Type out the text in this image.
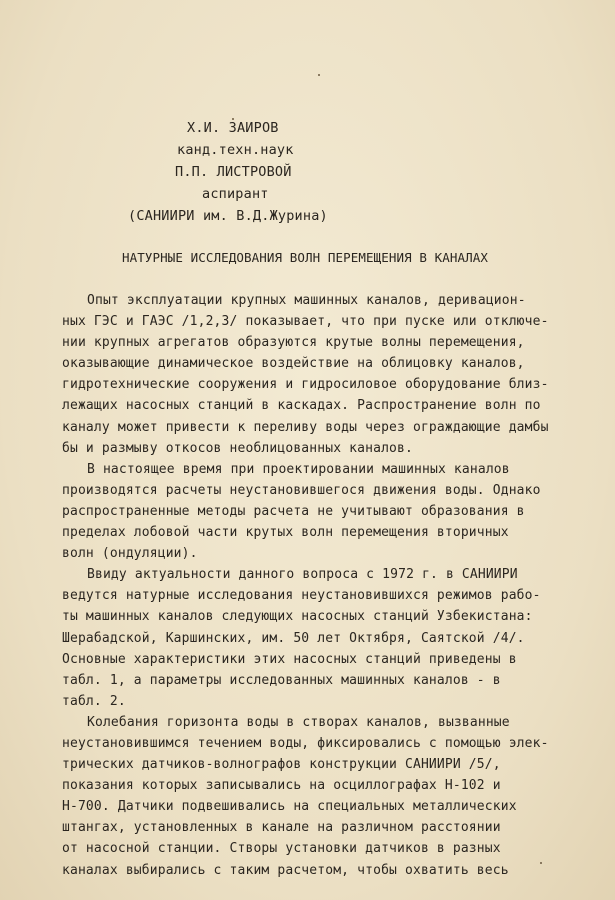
Х.И. ЗАИРОВ
канд.техн.наук
П.П. ЛИСТРОВОЙ
аспирант
(САНИИРИ им. В.Д.Журина)
НАТУРНЫЕ ИССЛЕДОВАНИЯ ВОЛН ПЕРЕМЕЩЕНИЯ В КАНАЛАХ
Опыт эксплуатации крупных машинных каналов, деривацион-
ных ГЭС и ГАЭС /1,2,3/ показывает, что при пуске или отключе-
нии крупных агрегатов образуются крутые волны перемещения,
оказывающие динамическое воздействие на облицовку каналов,
гидротехнические сооружения и гидросиловое оборудование близ-
лежащих насосных станций в каскадах. Распространение волн по
каналу может привести к переливу воды через ограждающие дамбы
бы и размыву откосов необлицованных каналов.
В настоящее время при проектировании машинных каналов
производятся расчеты неустановившегося движения воды. Однако
распространенные методы расчета не учитывают образования в
пределах лобовой части крутых волн перемещения вторичных
волн (ондуляции).
Ввиду актуальности данного вопроса с 1972 г. в САНИИРИ
ведутся натурные исследования неустановившихся режимов рабо-
ты машинных каналов следующих насосных станций Узбекистана:
Шерабадской, Каршинских, им. 50 лет Октября, Саятской /4/.
Основные характеристики этих насосных станций приведены в
табл. 1, а параметры исследованных машинных каналов - в
табл. 2.
Колебания горизонта воды в створах каналов, вызванные
неустановившимся течением воды, фиксировались с помощью элек-
трических датчиков-волнографов конструкции САНИИРИ /5/,
показания которых записывались на осциллографах Н-102 и
Н-700. Датчики подвешивались на специальных металлических
штангах, установленных в канале на различном расстоянии
от насосной станции. Створы установки датчиков в разных
каналах выбирались с таким расчетом, чтобы охватить весь
